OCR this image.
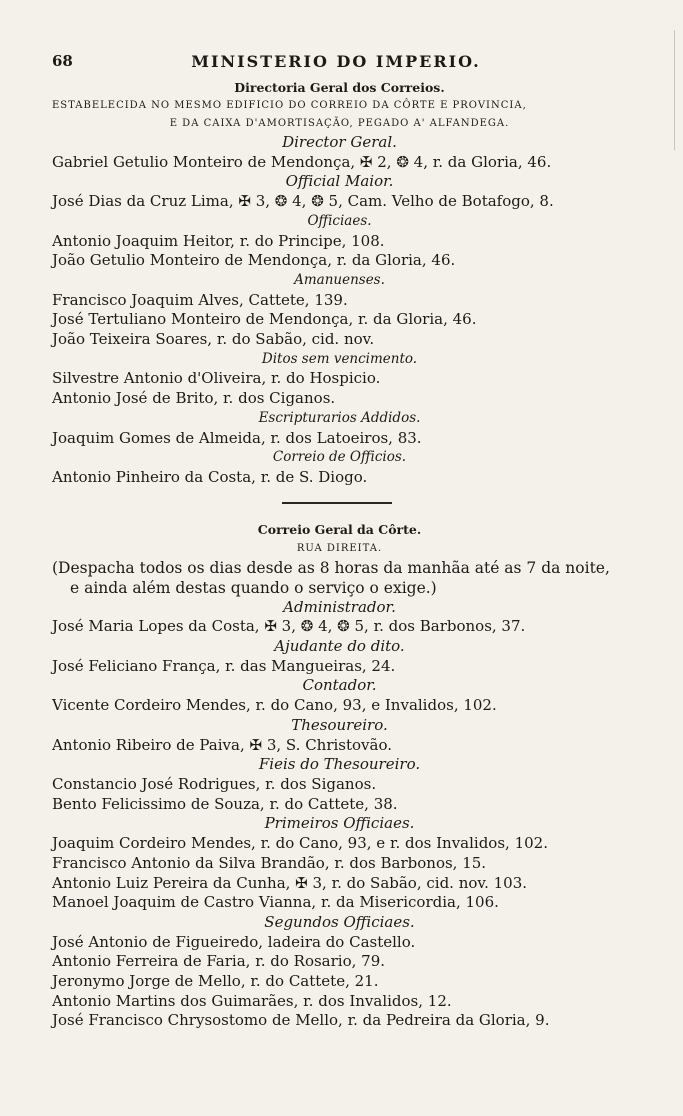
68	MINISTERIO DO IMPERIO.
Directoria Geral dos Correios.
ESTABELECIDA NO MESMO EDIFICIO DO CORREIO DA CÔRTE E PROVINCIA,
E DA CAIXA D'AMORTISAÇÃO, PEGADO A' ALFANDEGA.
Director Geral.
Gabriel Getulio Monteiro de Mendonça, ✠ 2, ❂ 4, r. da Gloria, 46.
Official Maior.
José Dias da Cruz Lima, ✠ 3, ❂ 4, ❂ 5, Cam. Velho de Botafogo, 8.
Officiaes.
Antonio Joaquim Heitor, r. do Principe, 108.
João Getulio Monteiro de Mendonça, r. da Gloria, 46.
Amanuenses.
Francisco Joaquim Alves, Cattete, 139.
José Tertuliano Monteiro de Mendonça, r. da Gloria, 46.
João Teixeira Soares, r. do Sabão, cid. nov.
Ditos sem vencimento.
Silvestre Antonio d'Oliveira, r. do Hospicio.
Antonio José de Brito, r. dos Ciganos.
Escripturarios Addidos.
Joaquim Gomes de Almeida, r. dos Latoeiros, 83.
Correio de Officios.
Antonio Pinheiro da Costa, r. de S. Diogo.
Correio Geral da Côrte.
RUA DIREITA.
(Despacha todos os dias desde as 8 horas da manhãa até as 7 da noite,
e ainda além destas quando o serviço o exige.)
Administrador.
José Maria Lopes da Costa, ✠ 3, ❂ 4, ❂ 5, r. dos Barbonos, 37.
Ajudante do dito.
José Feliciano França, r. das Mangueiras, 24.
Contador.
Vicente Cordeiro Mendes, r. do Cano, 93, e Invalidos, 102.
Thesoureiro.
Antonio Ribeiro de Paiva, ✠ 3, S. Christovão.
Fieis do Thesoureiro.
Constancio José Rodrigues, r. dos Siganos.
Bento Felicissimo de Souza, r. do Cattete, 38.
Primeiros Officiaes.
Joaquim Cordeiro Mendes, r. do Cano, 93, e r. dos Invalidos, 102.
Francisco Antonio da Silva Brandão, r. dos Barbonos, 15.
Antonio Luiz Pereira da Cunha, ✠ 3, r. do Sabão, cid. nov. 103.
Manoel Joaquim de Castro Vianna, r. da Misericordia, 106.
Segundos Officiaes.
José Antonio de Figueiredo, ladeira do Castello.
Antonio Ferreira de Faria, r. do Rosario, 79.
Jeronymo Jorge de Mello, r. do Cattete, 21.
Antonio Martins dos Guimarães, r. dos Invalidos, 12.
José Francisco Chrysostomo de Mello, r. da Pedreira da Gloria, 9.
